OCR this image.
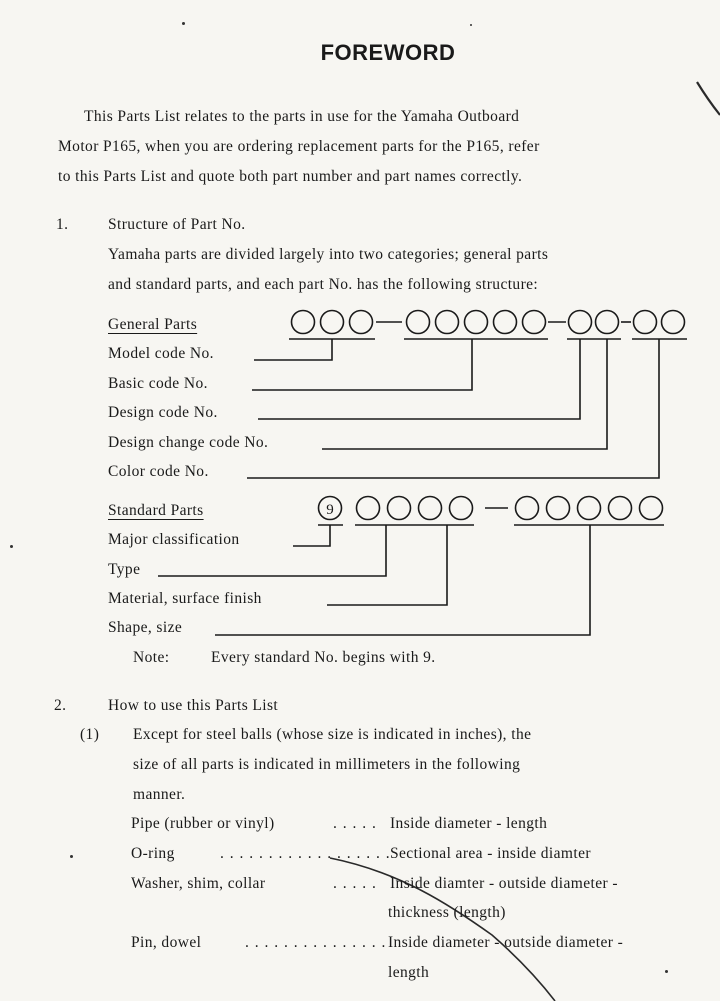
FOREWORD
This Parts List relates to the parts in use for the Yamaha Outboard
Motor P165, when you are ordering replacement parts for the P165, refer
to this Parts List and quote both part number and part names correctly.
1.	Structure of Part No.
Yamaha parts are divided largely into two categories; general parts
and standard parts, and each part No. has the following structure:
General Parts
Model code No.
Basic code No.
Design code No.
Design change code No.
Color code No.
Standard Parts
Major classification
Type
Material, surface finish
Shape, size
Note:	Every standard No. begins with 9.
9
2.	How to use this Parts List
(1) Except for steel balls (whose size is indicated in inches), the
size of all parts is indicated in millimeters in the following
manner.
Pipe (rubber or vinyl)	. . . . . Inside diameter - length
O-ring	. . . . . . . . . . . . . . . . . . Sectional area - inside diamter
Washer, shim, collar	. . . . . Inside diamter - outside diameter -
thickness (length)
Pin, dowel	. . . . . . . . . . . . . . . Inside diameter - outside diameter -
length
